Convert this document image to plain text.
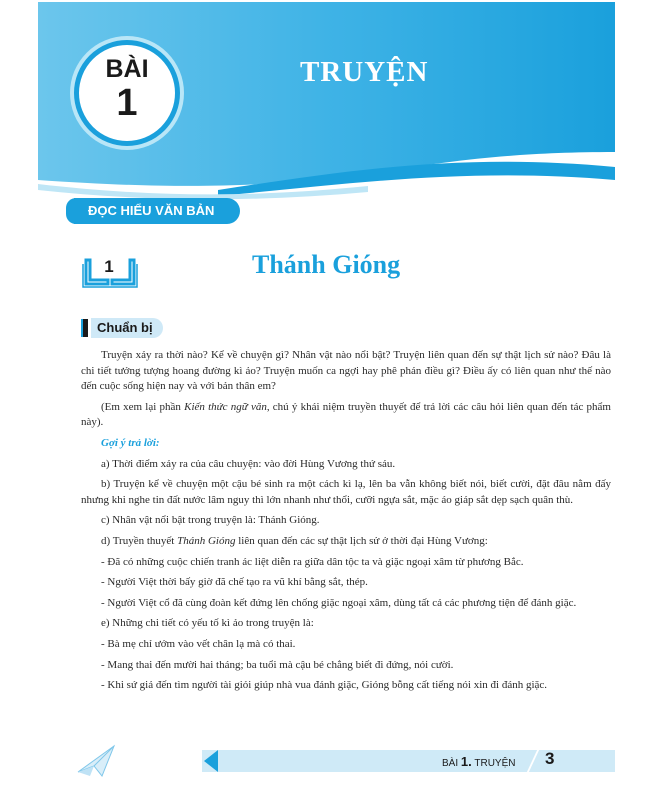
BÀI
1
TRUYỆN
ĐỌC HIỂU VĂN BẢN
1	Thánh Gióng
Chuẩn bị

Truyện xảy ra thời nào? Kể về chuyện gì? Nhân vật nào nổi bật? Truyện liên quan đến sự thật lịch sử nào? Đâu là chi tiết tưởng tượng hoang đường kì ảo? Truyện muốn ca ngợi hay phê phán điều gì? Điều ấy có liên quan như thế nào đến cuộc sống hiện nay và với bản thân em?

(Em xem lại phần Kiến thức ngữ văn, chú ý khái niệm truyền thuyết để trả lời các câu hỏi liên quan đến tác phẩm này).

Gợi ý trả lời:

a) Thời điểm xảy ra của câu chuyện: vào đời Hùng Vương thứ sáu.

b) Truyện kể về chuyện một cậu bé sinh ra một cách kì lạ, lên ba vẫn không biết nói, biết cười, đặt đâu nằm đấy nhưng khi nghe tin đất nước lâm nguy thì lớn nhanh như thổi, cưỡi ngựa sắt, mặc áo giáp sắt dẹp sạch quân thù.

c) Nhân vật nổi bật trong truyện là: Thánh Gióng.

d) Truyền thuyết Thánh Gióng liên quan đến các sự thật lịch sử ở thời đại Hùng Vương:

- Đã có những cuộc chiến tranh ác liệt diễn ra giữa dân tộc ta và giặc ngoại xâm từ phương Bắc.

- Người Việt thời bấy giờ đã chế tạo ra vũ khí bằng sắt, thép.

- Người Việt cổ đã cùng đoàn kết đứng lên chống giặc ngoại xâm, dùng tất cả các phương tiện để đánh giặc.

e) Những chi tiết có yếu tố kì ảo trong truyện là:

- Bà mẹ chỉ ướm vào vết chân lạ mà có thai.

- Mang thai đến mười hai tháng; ba tuổi mà cậu bé chẳng biết đi đứng, nói cười.

- Khi sứ giả đến tìm người tài giỏi giúp nhà vua đánh giặc, Gióng bỗng cất tiếng nói xin đi đánh giặc.

BÀI 1. TRUYỆN 3
